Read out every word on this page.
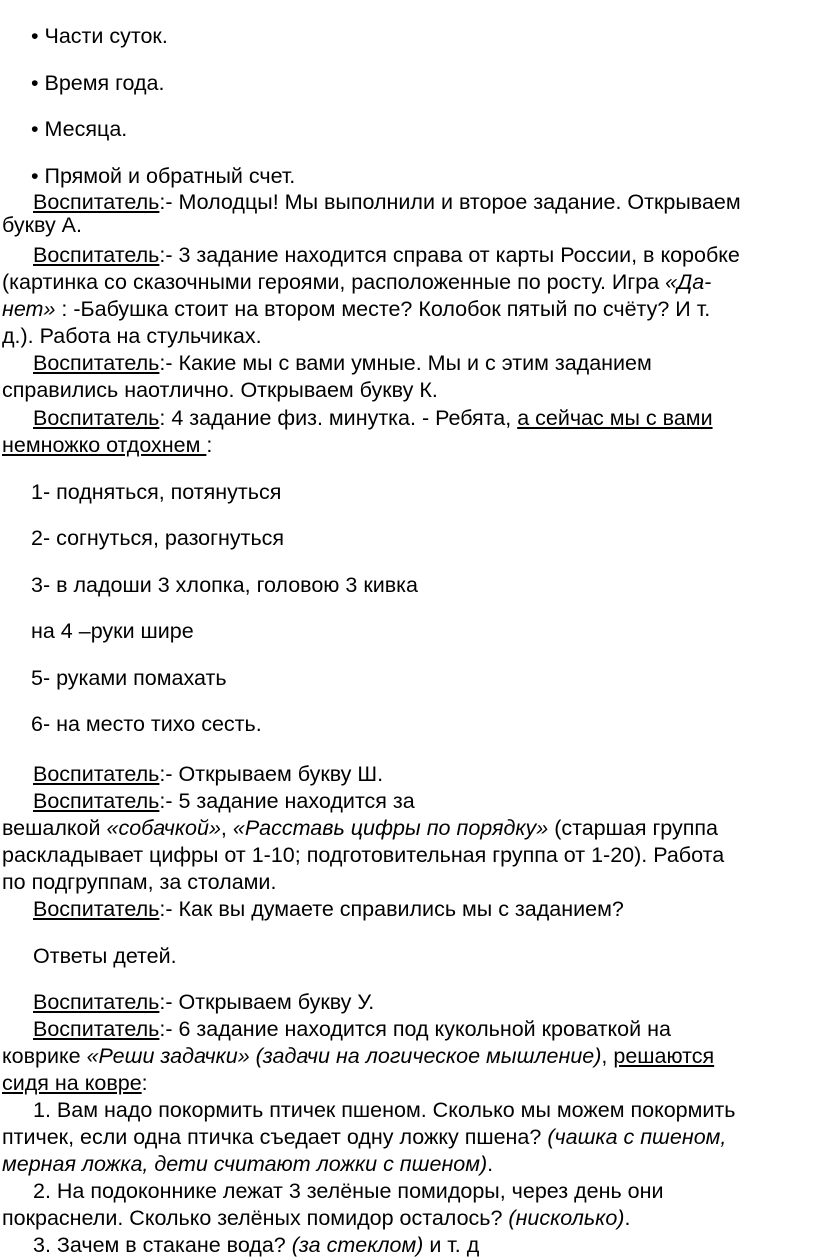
• Части суток.
• Время года.
• Месяца.
• Прямой и обратный счет.
Воспитатель:- Молодцы! Мы выполнили и второе задание. Открываем
букву А.
Воспитатель:- 3 задание находится справа от карты России, в коробке
(картинка со сказочными героями, расположенные по росту. Игра «Да-
нет» : -Бабушка стоит на втором месте? Колобок пятый по счёту? И т.
д.). Работа на стульчиках.
Воспитатель:- Какие мы с вами умные. Мы и с этим заданием
справились наотлично. Открываем букву К.
Воспитатель: 4 задание физ. минутка. - Ребята, а сейчас мы с вами
немножко отдохнем :
1- подняться, потянуться
2- согнуться, разогнуться
3- в ладоши 3 хлопка, головою 3 кивка
на 4 –руки шире
5- руками помахать
6- на место тихо сесть.
Воспитатель:- Открываем букву Ш.
Воспитатель:- 5 задание находится за
вешалкой «собачкой», «Расставь цифры по порядку» (старшая группа
раскладывает цифры от 1-10; подготовительная группа от 1-20). Работа
по подгруппам, за столами.
Воспитатель:- Как вы думаете справились мы с заданием?
Ответы детей.
Воспитатель:- Открываем букву У.
Воспитатель:- 6 задание находится под кукольной кроваткой на
коврике «Реши задачки» (задачи на логическое мышление), решаются
сидя на ковре:
1. Вам надо покормить птичек пшеном. Сколько мы можем покормить
птичек, если одна птичка съедает одну ложку пшена? (чашка с пшеном,
мерная ложка, дети считают ложки с пшеном).
2. На подоконнике лежат 3 зелёные помидоры, через день они
покраснели. Сколько зелёных помидор осталось? (нисколько).
3. Зачем в стакане вода? (за стеклом) и т. д
